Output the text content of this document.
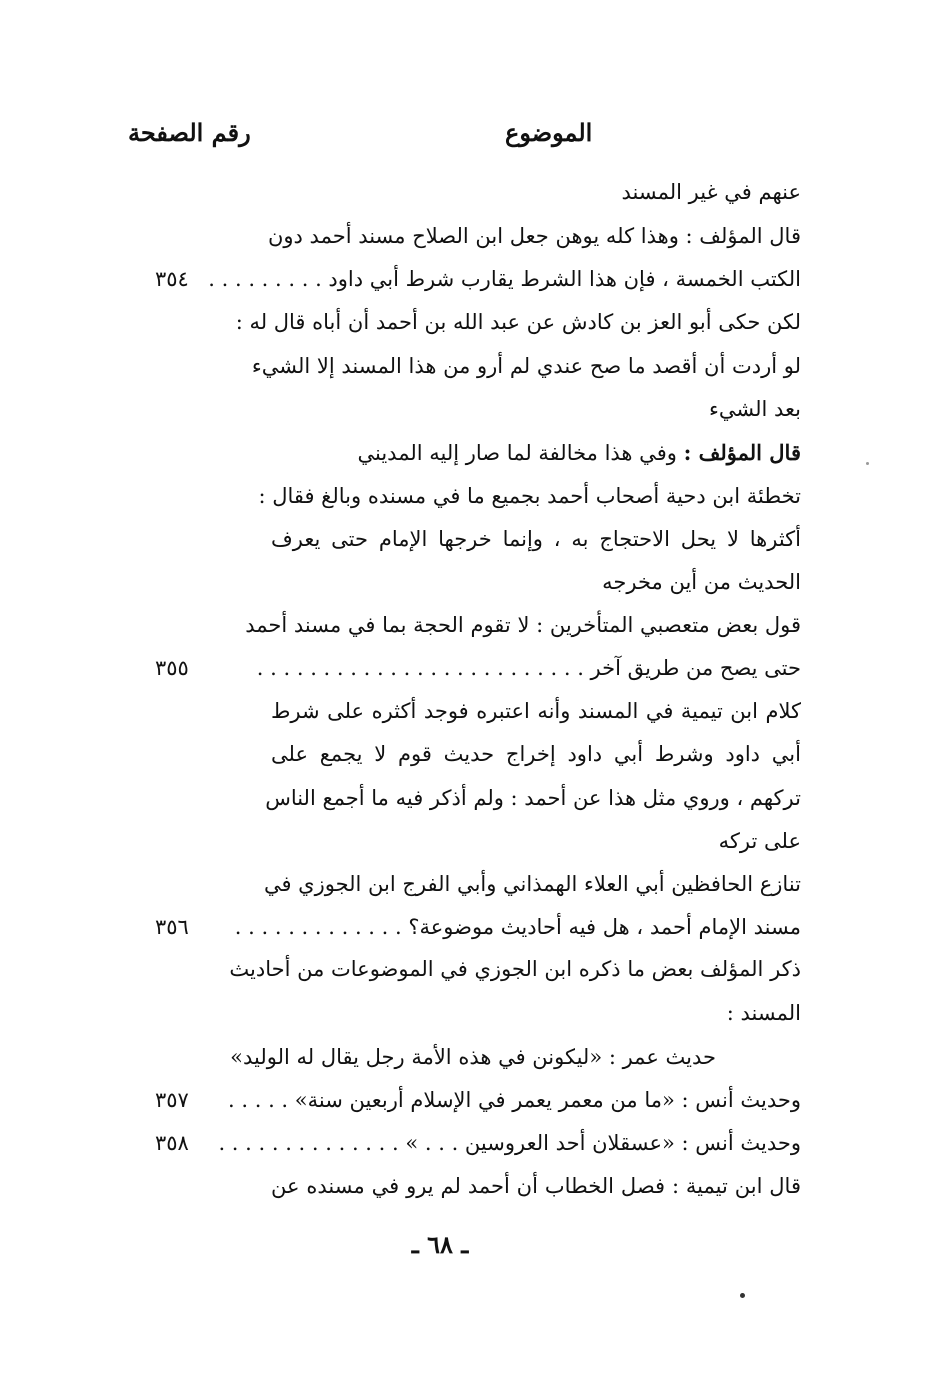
الموضوع
رقم الصفحة
عنهم في غير المسند
قال المؤلف : وهذا كله يوهن جعل ابن الصلاح مسند أحمد دون
الكتب الخمسة ، فإن هذا الشرط يقارب شرط أبي داود . . . . . . . . .
لكن حكى أبو العز بن كادش عن عبد الله بن أحمد أن أباه قال له :
لو أردت أن أقصد ما صح عندي لم أرو من هذا المسند إلا الشيء
بعد الشيء
قال المؤلف : وفي هذا مخالفة لما صار إليه المديني
تخطئة ابن دحية أصحاب أحمد بجميع ما في مسنده وبالغ فقال :
أكثرها لا يحل الاحتجاج به ، وإنما خرجها الإمام حتى يعرف
الحديث من أين مخرجه
قول بعض متعصبي المتأخرين : لا تقوم الحجة بما في مسند أحمد
حتى يصح من طريق آخر . . . . . . . . . . . . . . . . . . . . . . . . .
كلام ابن تيمية في المسند وأنه اعتبره فوجد أكثره على شرط
أبي داود وشرط أبي داود إخراج حديث قوم لا يجمع على
تركهم ، وروي مثل هذا عن أحمد : ولم أذكر فيه ما أجمع الناس
على تركه
تنازع الحافظين أبي العلاء الهمذاني وأبي الفرج ابن الجوزي في
مسند الإمام أحمد ، هل فيه أحاديث موضوعة؟ . . . . . . . . . . . . .
ذكر المؤلف بعض ما ذكره ابن الجوزي في الموضوعات من أحاديث
المسند :
حديث عمر : «ليكونن في هذه الأمة رجل يقال له الوليد»
وحديث أنس : «ما من معمر يعمر في الإسلام أربعين سنة» . . . . .
وحديث أنس : «عسقلان أحد العروسين . . . » . . . . . . . . . . . . . .
قال ابن تيمية : فصل الخطاب أن أحمد لم يرو في مسنده عن
٣٥٤
٣٥٥
٣٥٦
٣٥٧
٣٥٨
ـ ٦٨ ـ
